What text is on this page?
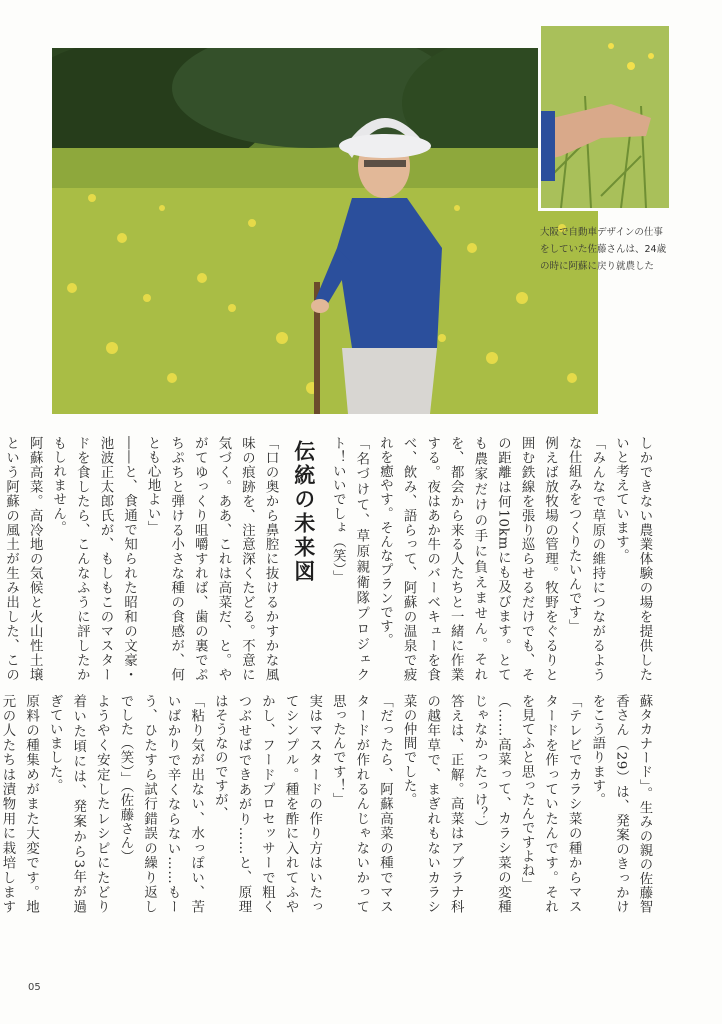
大阪で自動車デザインの仕事をしていた佐藤さんは、24歳の時に阿蘇に戻り就農した

しかできない農業体験の場を提供したいと考えています。

「みんなで草原の維持につながるような仕組みをつくりたいんです」

例えば放牧場の管理。牧野をぐるりと囲む鉄線を張り巡らせるだけでも、その距離は何10kmにも及びます。とても農家だけの手に負えません。それを、都会から来る人たちと一緒に作業する。夜はあか牛のバーベキューを食べ、飲み、語らって、阿蘇の温泉で疲れを癒やす。そんなプランです。

「名づけて、草原親衛隊プロジェクト！いいでしょ（笑）」

伝統の未来図

「口の奥から鼻腔に抜けるかすかな風味の痕跡を、注意深くたどる。不意に気づく。ああ、これは高菜だ、と。やがてゆっくり咀嚼すれば、歯の裏でぷちぷちと弾ける小さな種の食感が、何とも心地よい」

――と、食通で知られた昭和の文豪・池波正太郎氏が、もしもこのマスタードを食したら、こんなふうに評したかもしれません。

阿蘇高菜。高冷地の気候と火山性土壌という阿蘇の風土が生み出した、この

蘇タカナード」。生みの親の佐藤智香さん（29）は、発案のきっかけをこう語ります。

「テレビでカラシ菜の種からマスタードを作っていたんです。それを見てふと思ったんですよね」

（……高菜って、カラシ菜の変種じゃなかったっけ？）

答えは、正解。高菜はアブラナ科の越年草で、まぎれもないカラシ菜の仲間でした。

「だったら、阿蘇高菜の種でマスタードが作れるんじゃないかって思ったんです！」

実はマスタードの作り方はいたってシンプル。種を酢に入れてふやかし、フードプロセッサーで粗くつぶせばできあがり……と、原理はそうなのですが、

「粘り気が出ない、水っぽい、苦いばかりで辛くならない……もーう、ひたすら試行錯誤の繰り返しでした（笑）」（佐藤さん）

ようやく安定したレシピにたどり着いた頃には、発案から3年が過ぎていました。

原料の種集めがまた大変です。地元の人たちは漬物用に栽培します

05
